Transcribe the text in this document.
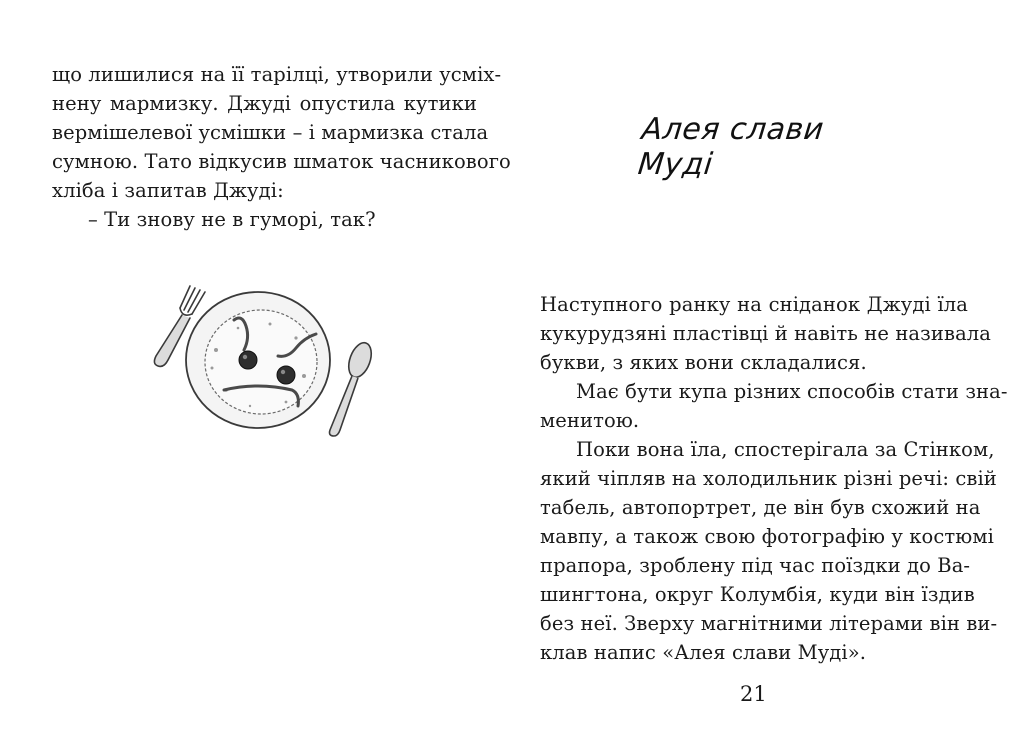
що лишилися на її тарілці, утворили усміх-
нену мармизку. Джуді опустила кутики
вермішелевої усмішки – і мармизка стала
сумною. Тато відкусив шматок часникового
хліба і запитав Джуді:
– Ти знову не в гуморі, так?
Алея слави Муді
Наступного ранку на сніданок Джуді їла
кукурудзяні пластівці й навіть не називала
букви, з яких вони складалися.
Має бути купа різних способів стати зна-
менитою.
Поки вона їла, спостерігала за Стінком,
який чіпляв на холодильник різні речі: свій
табель, автопортрет, де він був схожий на
мавпу, а також свою фотографію у костюмі
прапора, зроблену під час поїздки до Ва-
шингтона, округ Колумбія, куди він їздив
без неї. Зверху магнітними літерами він ви-
клав напис «Алея слави Муді».
21
